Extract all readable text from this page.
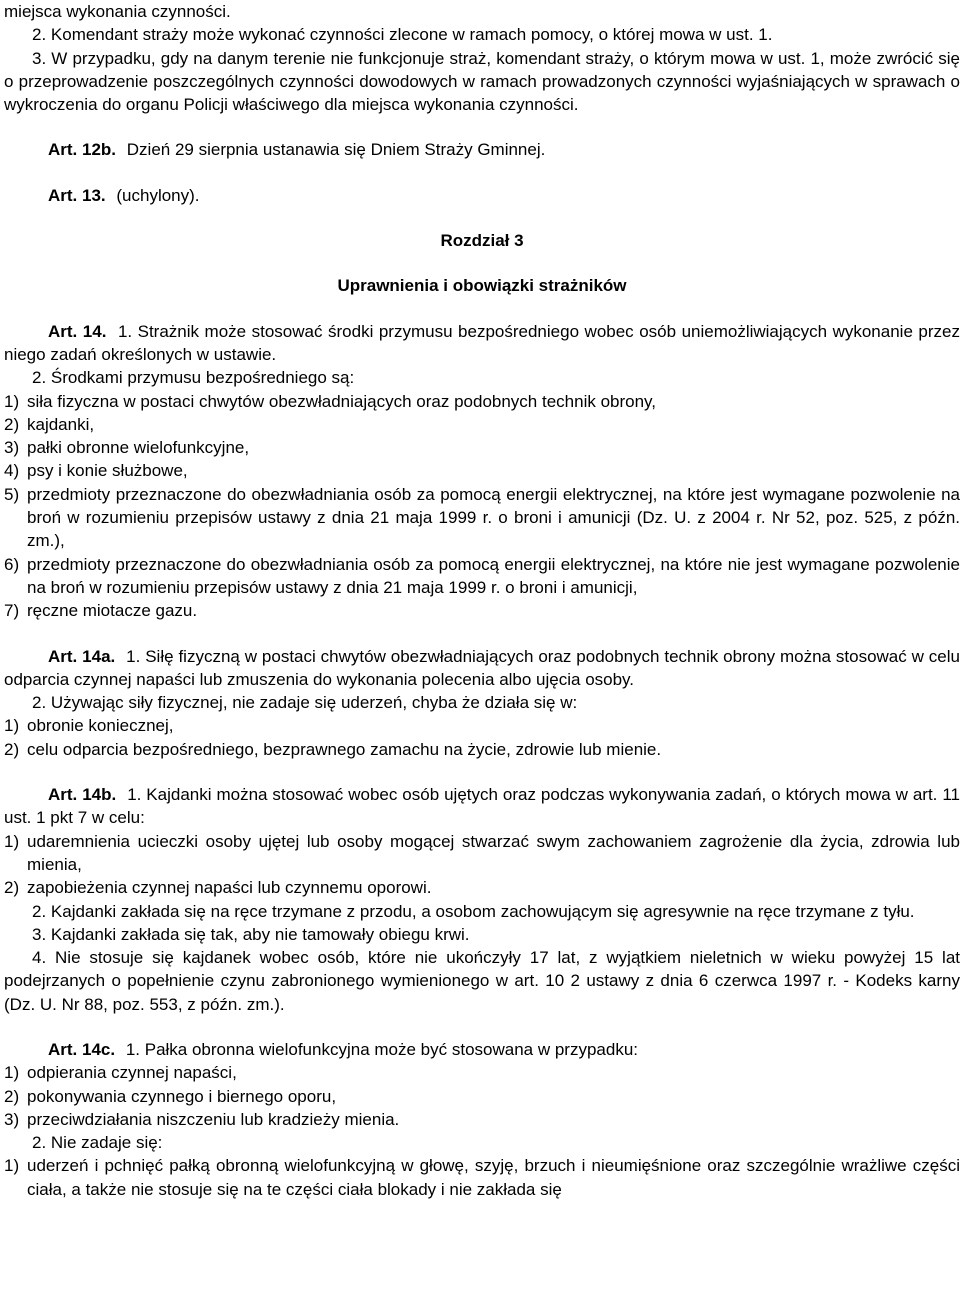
miejsca wykonania czynności.

2. Komendant straży może wykonać czynności zlecone w ramach pomocy, o której mowa w ust. 1.

3. W przypadku, gdy na danym terenie nie funkcjonuje straż, komendant straży, o którym mowa w ust. 1, może zwrócić się o przeprowadzenie poszczególnych czynności dowodowych w ramach prowadzonych czynności wyjaśniających w sprawach o wykroczenia do organu Policji właściwego dla miejsca wykonania czynności.

Art. 12b. Dzień 29 sierpnia ustanawia się Dniem Straży Gminnej.

Art. 13. (uchylony).

Rozdział 3

Uprawnienia i obowiązki strażników

Art. 14. 1. Strażnik może stosować środki przymusu bezpośredniego wobec osób uniemożliwiających wykonanie przez niego zadań określonych w ustawie.

2. Środkami przymusu bezpośredniego są:

1) siła fizyczna w postaci chwytów obezwładniających oraz podobnych technik obrony,
2) kajdanki,
3) pałki obronne wielofunkcyjne,
4) psy i konie służbowe,
5) przedmioty przeznaczone do obezwładniania osób za pomocą energii elektrycznej, na które jest wymagane pozwolenie na broń w rozumieniu przepisów ustawy z dnia 21 maja 1999 r. o broni i amunicji (Dz. U. z 2004 r. Nr 52, poz. 525, z późn. zm.),
6) przedmioty przeznaczone do obezwładniania osób za pomocą energii elektrycznej, na które nie jest wymagane pozwolenie na broń w rozumieniu przepisów ustawy z dnia 21 maja 1999 r. o broni i amunicji,
7) ręczne miotacze gazu.

Art. 14a. 1. Siłę fizyczną w postaci chwytów obezwładniających oraz podobnych technik obrony można stosować w celu odparcia czynnej napaści lub zmuszenia do wykonania polecenia albo ujęcia osoby.

2. Używając siły fizycznej, nie zadaje się uderzeń, chyba że działa się w:

1) obronie koniecznej,
2) celu odparcia bezpośredniego, bezprawnego zamachu na życie, zdrowie lub mienie.

Art. 14b. 1. Kajdanki można stosować wobec osób ujętych oraz podczas wykonywania zadań, o których mowa w art. 11 ust. 1 pkt 7 w celu:

1) udaremnienia ucieczki osoby ujętej lub osoby mogącej stwarzać swym zachowaniem zagrożenie dla życia, zdrowia lub mienia,
2) zapobieżenia czynnej napaści lub czynnemu oporowi.

2. Kajdanki zakłada się na ręce trzymane z przodu, a osobom zachowującym się agresywnie na ręce trzymane z tyłu.

3. Kajdanki zakłada się tak, aby nie tamowały obiegu krwi.

4. Nie stosuje się kajdanek wobec osób, które nie ukończyły 17 lat, z wyjątkiem nieletnich w wieku powyżej 15 lat podejrzanych o popełnienie czynu zabronionego wymienionego w art. 10 2 ustawy z dnia 6 czerwca 1997 r. - Kodeks karny (Dz. U. Nr 88, poz. 553, z późn. zm.).

Art. 14c. 1. Pałka obronna wielofunkcyjna może być stosowana w przypadku:

1) odpierania czynnej napaści,
2) pokonywania czynnego i biernego oporu,
3) przeciwdziałania niszczeniu lub kradzieży mienia.

2. Nie zadaje się:

1) uderzeń i pchnięć pałką obronną wielofunkcyjną w głowę, szyję, brzuch i nieumięśnione oraz szczególnie wrażliwe części ciała, a także nie stosuje się na te części ciała blokady i nie zakłada się
